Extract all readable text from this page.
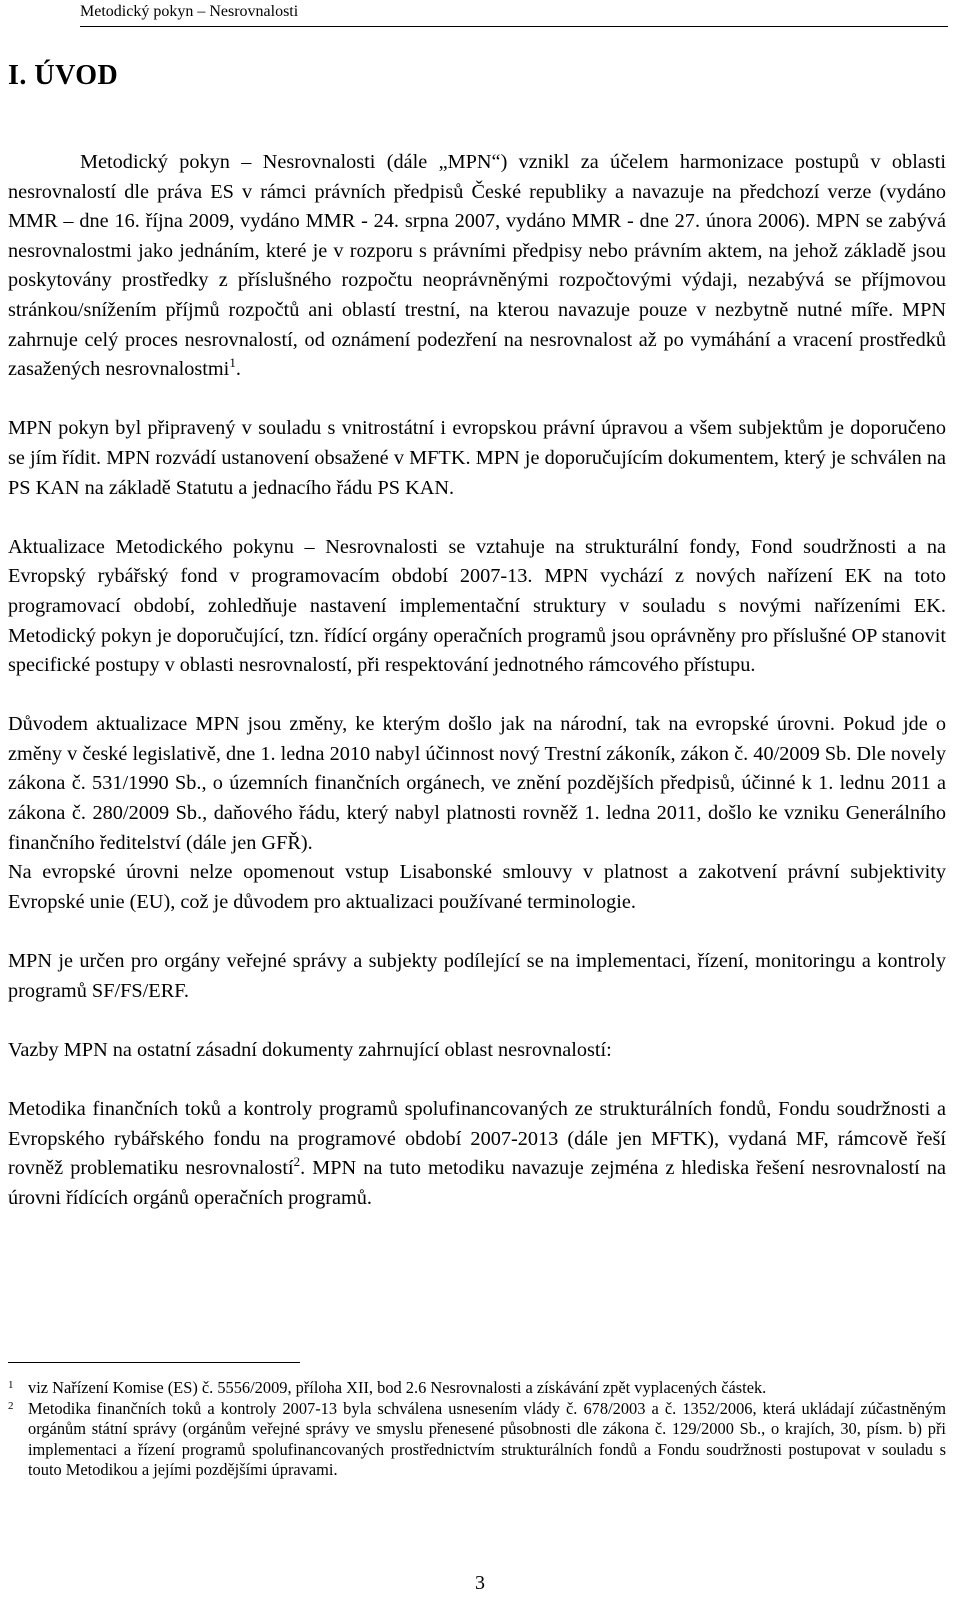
Metodický pokyn – Nesrovnalosti
I. ÚVOD

Metodický pokyn – Nesrovnalosti (dále „MPN“) vznikl za účelem harmonizace postupů v oblasti nesrovnalostí dle práva ES v rámci právních předpisů České republiky a navazuje na předchozí verze (vydáno MMR – dne 16. října 2009, vydáno MMR - 24. srpna 2007, vydáno MMR - dne 27. února 2006). MPN se zabývá nesrovnalostmi jako jednáním, které je v rozporu s právními předpisy nebo právním aktem, na jehož základě jsou poskytovány prostředky z příslušného rozpočtu neoprávněnými rozpočtovými výdaji, nezabývá se příjmovou stránkou/snížením příjmů rozpočtů ani oblastí trestní, na kterou navazuje pouze v nezbytně nutné míře. MPN zahrnuje celý proces nesrovnalostí, od oznámení podezření na nesrovnalost až po vymáhání a vracení prostředků zasažených nesrovnalostmi$^1$.

MPN pokyn byl připravený v souladu s vnitrostátní i evropskou právní úpravou a všem subjektům je doporučeno se jím řídit. MPN rozvádí ustanovení obsažené v MFTK. MPN je doporučujícím dokumentem, který je schválen na PS KAN na základě Statutu a jednacího řádu PS KAN.

Aktualizace Metodického pokynu – Nesrovnalosti se vztahuje na strukturální fondy, Fond soudržnosti a na Evropský rybářský fond v programovacím období 2007-13. MPN vychází z nových nařízení EK na toto programovací období, zohledňuje nastavení implementační struktury v souladu s novými nařízeními EK. Metodický pokyn je doporučující, tzn. řídící orgány operačních programů jsou oprávněny pro příslušné OP stanovit specifické postupy v oblasti nesrovnalostí, při respektování jednotného rámcového přístupu.

Důvodem aktualizace MPN jsou změny, ke kterým došlo jak na národní, tak na evropské úrovni. Pokud jde o změny v české legislativě, dne 1. ledna 2010 nabyl účinnost nový Trestní zákoník, zákon č. 40/2009 Sb. Dle novely zákona č. 531/1990 Sb., o územních finančních orgánech, ve znění pozdějších předpisů, účinné k 1. lednu 2011 a zákona č. 280/2009 Sb., daňového řádu, který nabyl platnosti rovněž 1. ledna 2011, došlo ke vzniku Generálního finančního ředitelství (dále jen GFŘ).

Na evropské úrovni nelze opomenout vstup Lisabonské smlouvy v platnost a zakotvení právní subjektivity Evropské unie (EU), což je důvodem pro aktualizaci používané terminologie.

MPN je určen pro orgány veřejné správy a subjekty podílející se na implementaci, řízení, monitoringu a kontroly programů SF/FS/ERF.

Vazby MPN na ostatní zásadní dokumenty zahrnující oblast nesrovnalostí:

Metodika finančních toků a kontroly programů spolufinancovaných ze strukturálních fondů, Fondu soudržnosti a Evropského rybářského fondu na programové období 2007-2013 (dále jen MFTK), vydaná MF, rámcově řeší rovněž problematiku nesrovnalostí$^2$. MPN na tuto metodiku navazuje zejména z hlediska řešení nesrovnalostí na úrovni řídících orgánů operačních programů.

1 viz Nařízení Komise (ES) č. 5556/2009, příloha XII, bod 2.6 Nesrovnalosti a získávání zpět vyplacených částek.
2 Metodika finančních toků a kontroly 2007-13 byla schválena usnesením vlády č. 678/2003 a č. 1352/2006, která ukládají zúčastněným orgánům státní správy (orgánům veřejné správy ve smyslu přenesené působnosti dle zákona č. 129/2000 Sb., o krajích, 30, písm. b) při implementaci a řízení programů spolufinancovaných prostřednictvím strukturálních fondů a Fondu soudržnosti postupovat v souladu s touto Metodikou a jejími pozdějšími úpravami.
3
